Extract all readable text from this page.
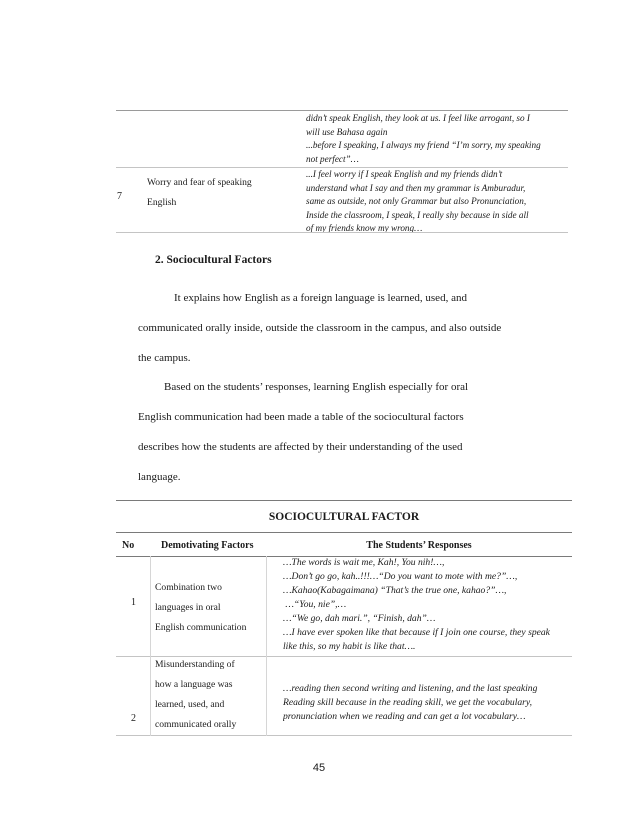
didn’t speak English, they look at us. I feel like arrogant, so I
will use Bahasa again
...before I speaking, I always my friend “I’m sorry, my speaking
not perfect”…
7
Worry and fear of speaking
English
...I feel worry if I speak English and my friends didn’t
understand what I say and then my grammar is Amburadur,
same as outside, not only Grammar but also Pronunciation,
Inside the classroom, I speak, I really shy because in side all
of my friends know my wrong…
2. Sociocultural Factors
It explains how English as a foreign language is learned, used, and
communicated orally inside, outside the classroom in the campus, and also outside
the campus.
Based on the students’ responses, learning English especially for oral
English communication had been made a table of the sociocultural factors
describes how the students are affected by their understanding of the used
language.
SOCIOCULTURAL FACTOR
No	Demotivating Factors	The Students’ Responses
1
Combination two
languages in oral
English communication
…The words is wait me, Kah!, You nih!…,
…Don’t go go, kah..!!!…“Do you want to mote with me?”…,
…Kahao(Kabagaimana) “That’s the true one, kahao?”…,
…“You, nie”,…
…“We go, dah mari.”, “Finish, dah”…
…I have ever spoken like that because if I join one course, they speak
like this, so my habit is like that….
2
Misunderstanding of
how a language was
learned, used, and
communicated orally
…reading then second writing and listening, and the last speaking
Reading skill because in the reading skill, we get the vocabulary,
pronunciation when we reading and can get a lot vocabulary…
45
